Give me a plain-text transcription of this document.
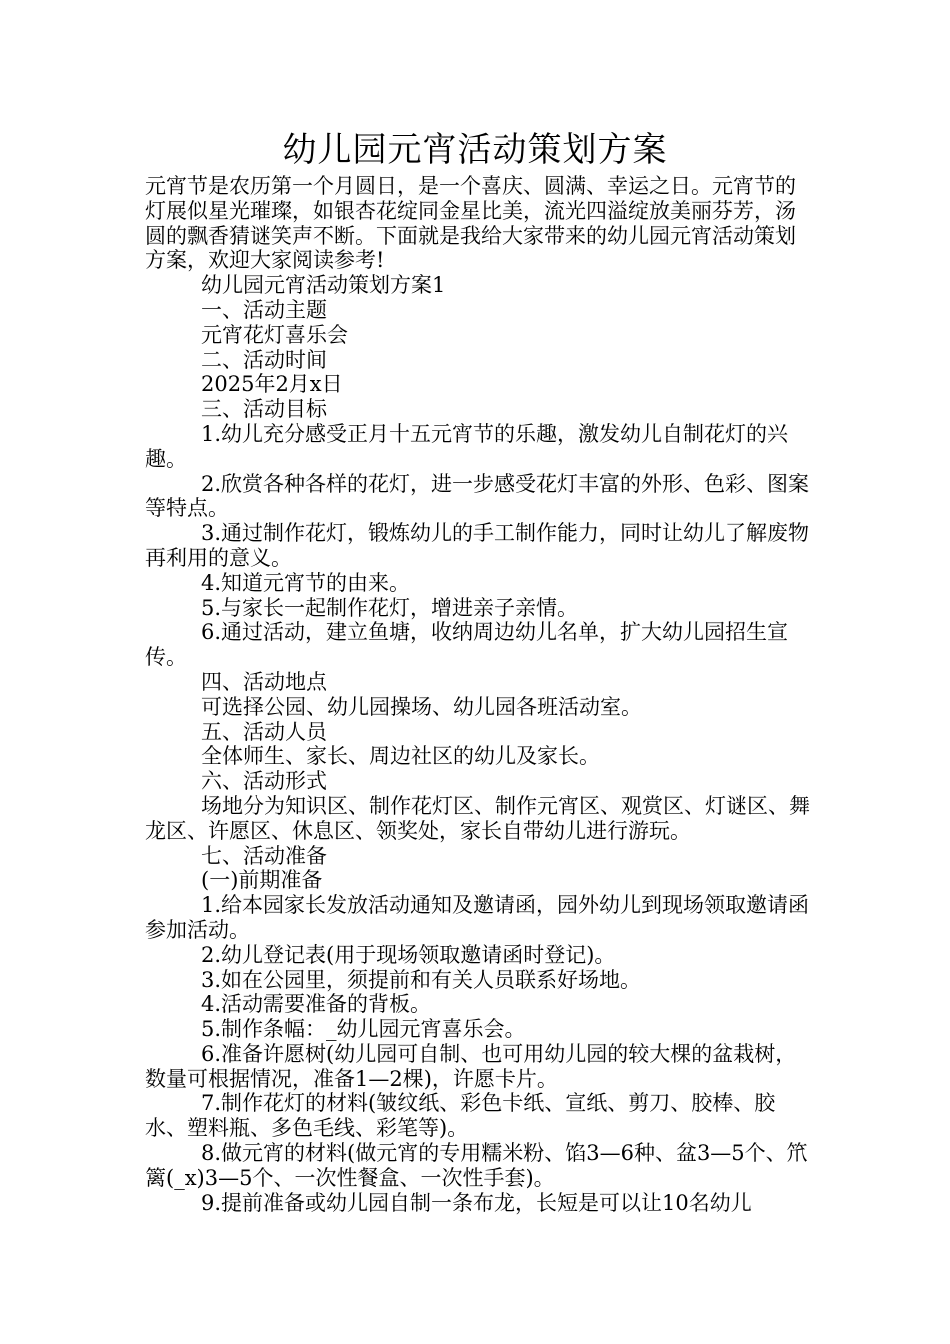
幼儿园元宵活动策划方案

元宵节是农历第一个月圆日，是一个喜庆、圆满、幸运之日。元宵节的灯展似星光璀璨，如银杏花绽同金星比美，流光四溢绽放美丽芬芳，汤圆的飘香猜谜笑声不断。下面就是我给大家带来的幼儿园元宵活动策划方案，欢迎大家阅读参考!

幼儿园元宵活动策划方案1

一、活动主题

元宵花灯喜乐会

二、活动时间

2025年2月x日

三、活动目标

1.幼儿充分感受正月十五元宵节的乐趣，激发幼儿自制花灯的兴趣。

2.欣赏各种各样的花灯，进一步感受花灯丰富的外形、色彩、图案等特点。

3.通过制作花灯，锻炼幼儿的手工制作能力，同时让幼儿了解废物再利用的意义。

4.知道元宵节的由来。

5.与家长一起制作花灯，增进亲子亲情。

6.通过活动，建立鱼塘，收纳周边幼儿名单，扩大幼儿园招生宣传。

四、活动地点

可选择公园、幼儿园操场、幼儿园各班活动室。

五、活动人员

全体师生、家长、周边社区的幼儿及家长。

六、活动形式

场地分为知识区、制作花灯区、制作元宵区、观赏区、灯谜区、舞龙区、许愿区、休息区、领奖处，家长自带幼儿进行游玩。

七、活动准备

(一)前期准备

1.给本园家长发放活动通知及邀请函，园外幼儿到现场领取邀请函参加活动。

2.幼儿登记表(用于现场领取邀请函时登记)。

3.如在公园里，须提前和有关人员联系好场地。

4.活动需要准备的背板。

5.制作条幅：_幼儿园元宵喜乐会。

6.准备许愿树(幼儿园可自制、也可用幼儿园的较大棵的盆栽树，数量可根据情况，准备1—2棵)，许愿卡片。

7.制作花灯的材料(皱纹纸、彩色卡纸、宣纸、剪刀、胶棒、胶水、塑料瓶、多色毛线、彩笔等)。

8.做元宵的材料(做元宵的专用糯米粉、馅3—6种、盆3—5个、笊篱(_x)3—5个、一次性餐盒、一次性手套)。

9.提前准备或幼儿园自制一条布龙，长短是可以让10名幼儿
